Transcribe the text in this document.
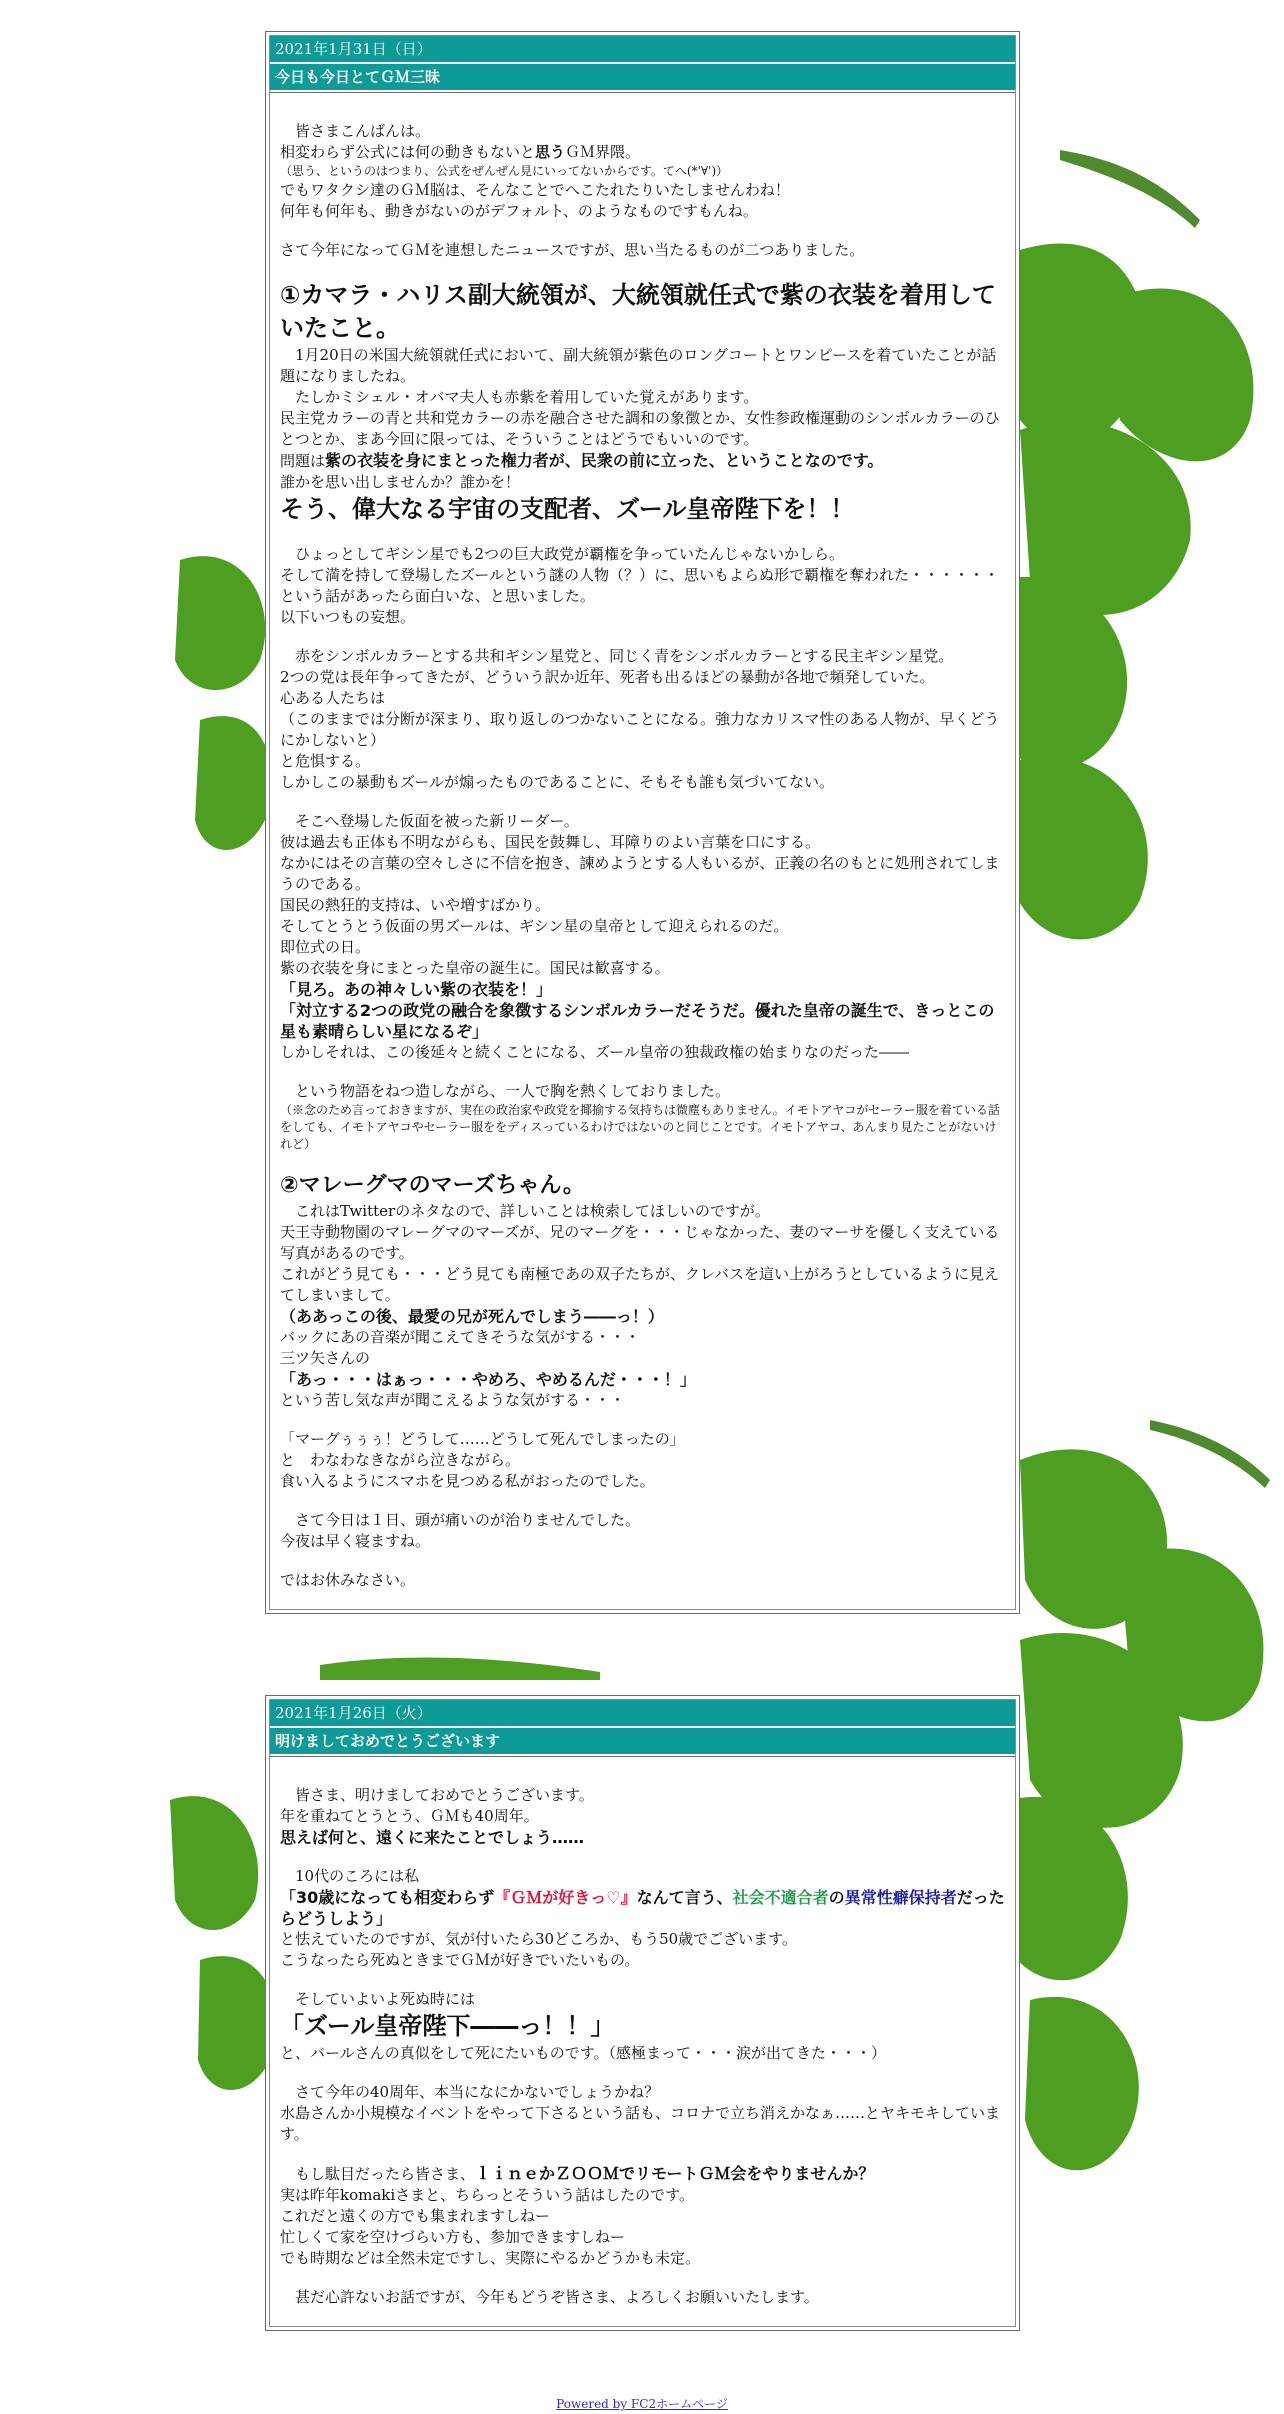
2021年1月31日（日）
今日も今日とてＧＭ三昧

皆さまこんばんは。

相変わらず公式には何の動きもないと思うＧＭ界隈。

（思う、というのはつまり、公式をぜんぜん見にいってないからです。てへ(*'∀')）

でもワタクシ達のＧＭ脳は、そんなことでへこたれたりいたしませんわね！

何年も何年も、動きがないのがデフォルト、のようなものですもんね。

さて今年になってＧＭを連想したニュースですが、思い当たるものが二つありました。

①カマラ・ハリス副大統領が、大統領就任式で紫の衣装を着用していたこと。

　1月20日の米国大統領就任式において、副大統領が紫色のロングコートとワンピースを着ていたことが話題になりましたね。

　たしかミシェル・オバマ夫人も赤紫を着用していた覚えがあります。

民主党カラーの青と共和党カラーの赤を融合させた調和の象徴とか、女性参政権運動のシンボルカラーのひとつとか、まあ今回に限っては、そういうことはどうでもいいのです。

問題は紫の衣装を身にまとった権力者が、民衆の前に立った、ということなのです。

誰かを思い出しませんか？誰かを！

そう、偉大なる宇宙の支配者、ズール皇帝陛下を！！

　ひょっとしてギシン星でも2つの巨大政党が覇権を争っていたんじゃないかしら。

そして満を持して登場したズールという謎の人物（？）に、思いもよらぬ形で覇権を奪われた・・・・・・という話があったら面白いな、と思いました。

以下いつもの妄想。

　赤をシンボルカラーとする共和ギシン星党と、同じく青をシンボルカラーとする民主ギシン星党。

2つの党は長年争ってきたが、どういう訳か近年、死者も出るほどの暴動が各地で頻発していた。

心ある人たちは

（このままでは分断が深まり、取り返しのつかないことになる。強力なカリスマ性のある人物が、早くどうにかしないと）

と危惧する。

しかしこの暴動もズールが煽ったものであることに、そもそも誰も気づいてない。

　そこへ登場した仮面を被った新リーダー。

彼は過去も正体も不明ながらも、国民を鼓舞し、耳障りのよい言葉を口にする。

なかにはその言葉の空々しさに不信を抱き、諫めようとする人もいるが、正義の名のもとに処刑されてしまうのである。

国民の熱狂的支持は、いや増すばかり。

そしてとうとう仮面の男ズールは、ギシン星の皇帝として迎えられるのだ。

即位式の日。

紫の衣装を身にまとった皇帝の誕生に。国民は歓喜する。

「見ろ。あの神々しい紫の衣装を！」

「対立する2つの政党の融合を象徴するシンボルカラーだそうだ。優れた皇帝の誕生で、きっとこの星も素晴らしい星になるぞ」

しかしそれは、この後延々と続くことになる、ズール皇帝の独裁政権の始まりなのだった――

　という物語をねつ造しながら、一人で胸を熱くしておりました。

（※念のため言っておきますが、実在の政治家や政党を揶揄する気持ちは微塵もありません。イモトアヤコがセーラー服を着ている話をしても、イモトアヤコやセーラー服ををディスっているわけではないのと同じことです。イモトアヤコ、あんまり見たことがないけれど）

②マレーグマのマーズちゃん。

　これはTwitterのネタなので、詳しいことは検索してほしいのですが。

天王寺動物園のマレーグマのマーズが、兄のマーグを・・・じゃなかった、妻のマーサを優しく支えている写真があるのです。

これがどう見ても・・・どう見ても南極であの双子たちが、クレバスを這い上がろうとしているように見えてしまいまして。

（ああっこの後、最愛の兄が死んでしまう――っ！）

バックにあの音楽が聞こえてきそうな気がする・・・

三ツ矢さんの

「あっ・・・はぁっ・・・やめろ、やめるんだ・・・！」

という苦し気な声が聞こえるような気がする・・・

「マーグぅぅぅ！どうして……どうして死んでしまったの」

と　わなわなきながら泣きながら。

食い入るようにスマホを見つめる私がおったのでした。

　さて今日は１日、頭が痛いのが治りませんでした。

今夜は早く寝ますね。

ではお休みなさい。

2021年1月26日（火）
明けましておめでとうございます

　皆さま、明けましておめでとうございます。

年を重ねてとうとう、ＧＭも40周年。

思えば何と、遠くに来たことでしょう……

　10代のころには私

「30歳になっても相変わらず『ＧＭが好きっ♡』なんて言う、社会不適合者の異常性癖保持者だったらどうしよう」

と怯えていたのですが、気が付いたら30どころか、もう50歳でございます。

こうなったら死ぬときまでＧＭが好きでいたいもの。

　そしていよいよ死ぬ時には

「ズール皇帝陛下――っ！！」

と、バールさんの真似をして死にたいものです。（感極まって・・・涙が出てきた・・・）

　さて今年の40周年、本当になにかないでしょうかね？

水島さんか小規模なイベントをやって下さるという話も、コロナで立ち消えかなぁ……とヤキモキしています。

　もし駄目だったら皆さま、ｌｉｎｅかＺＯＯＭでリモートＧＭ会をやりませんか？

実は昨年komakiさまと、ちらっとそういう話はしたのです。

これだと遠くの方でも集まれますしねー

忙しくて家を空けづらい方も、参加できますしねー

でも時期などは全然未定ですし、実際にやるかどうかも未定。

　甚だ心許ないお話ですが、今年もどうぞ皆さま、よろしくお願いいたします。

Powered by FC2ホームページ
